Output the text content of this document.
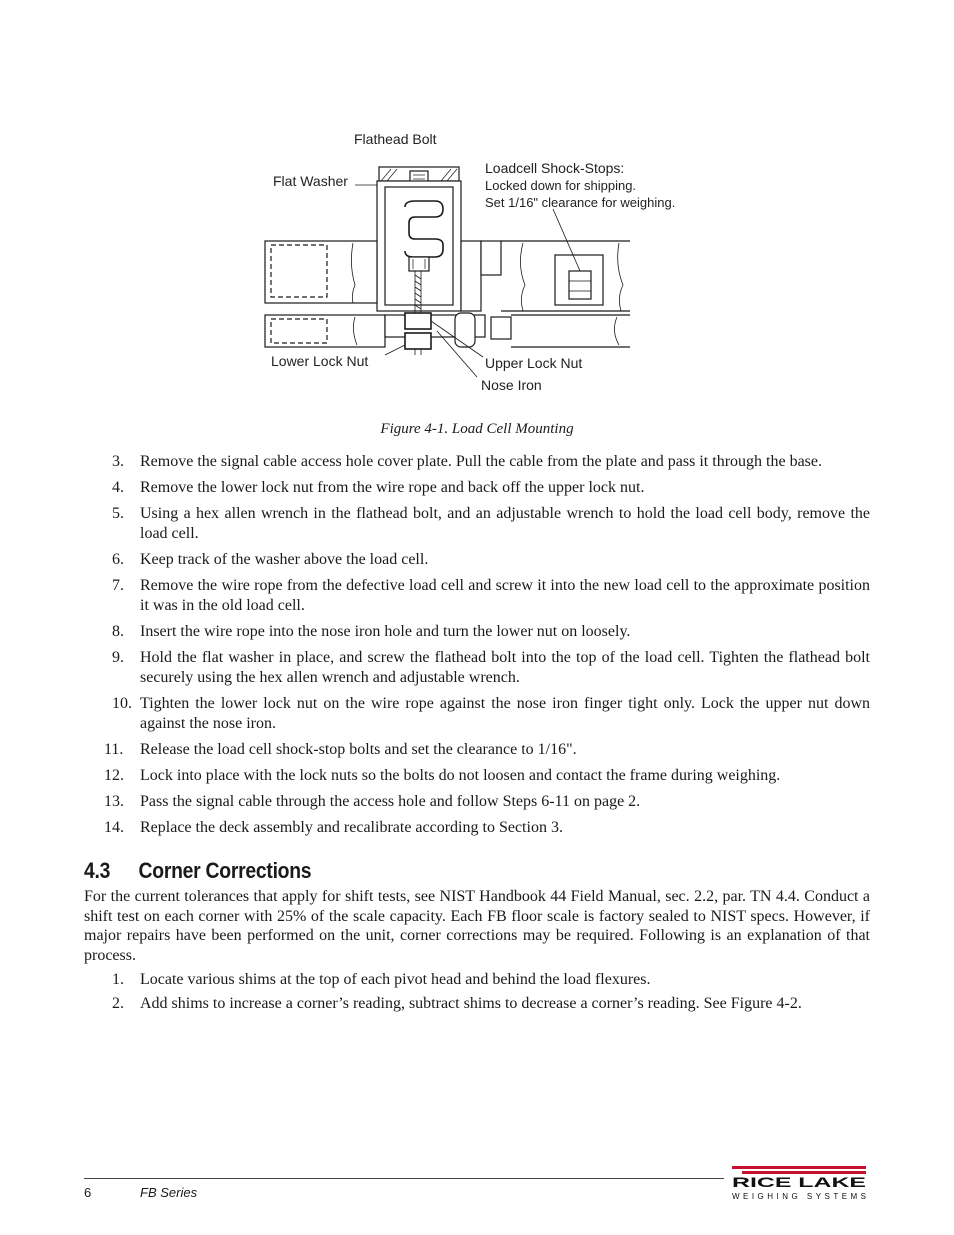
Flathead Bolt
Flat Washer
Loadcell Shock-Stops:
Locked down for shipping.
Set 1/16" clearance for weighing.
Lower Lock Nut	Upper Lock Nut
Nose Iron
Figure 4-1. Load Cell Mounting
3. Remove the signal cable access hole cover plate. Pull the cable from the plate and pass it through the base.
4. Remove the lower lock nut from the wire rope and back off the upper lock nut.
5. Using a hex allen wrench in the flathead bolt, and an adjustable wrench to hold the load cell body, remove the load cell.
6. Keep track of the washer above the load cell.
7. Remove the wire rope from the defective load cell and screw it into the new load cell to the approximate position it was in the old load cell.
8. Insert the wire rope into the nose iron hole and turn the lower nut on loosely.
9. Hold the flat washer in place, and screw the flathead bolt into the top of the load cell. Tighten the flathead bolt securely using the hex allen wrench and adjustable wrench.
10. Tighten the lower lock nut on the wire rope against the nose iron finger tight only. Lock the upper nut down against the nose iron.
11. Release the load cell shock-stop bolts and set the clearance to 1/16".
12. Lock into place with the lock nuts so the bolts do not loosen and contact the frame during weighing.
13. Pass the signal cable through the access hole and follow Steps 6-11 on page 2.
14. Replace the deck assembly and recalibrate according to Section 3.
4.3 Corner Corrections
For the current tolerances that apply for shift tests, see NIST Handbook 44 Field Manual, sec. 2.2, par. TN 4.4. Conduct a shift test on each corner with 25% of the scale capacity. Each FB floor scale is factory sealed to NIST specs. However, if major repairs have been performed on the unit, corner corrections may be required. Following is an explanation of that process.
1. Locate various shims at the top of each pivot head and behind the load flexures.
2. Add shims to increase a corner’s reading, subtract shims to decrease a corner’s reading. See Figure 4-2.
6	FB Series
RICE LAKE
WEIGHING SYSTEMS
